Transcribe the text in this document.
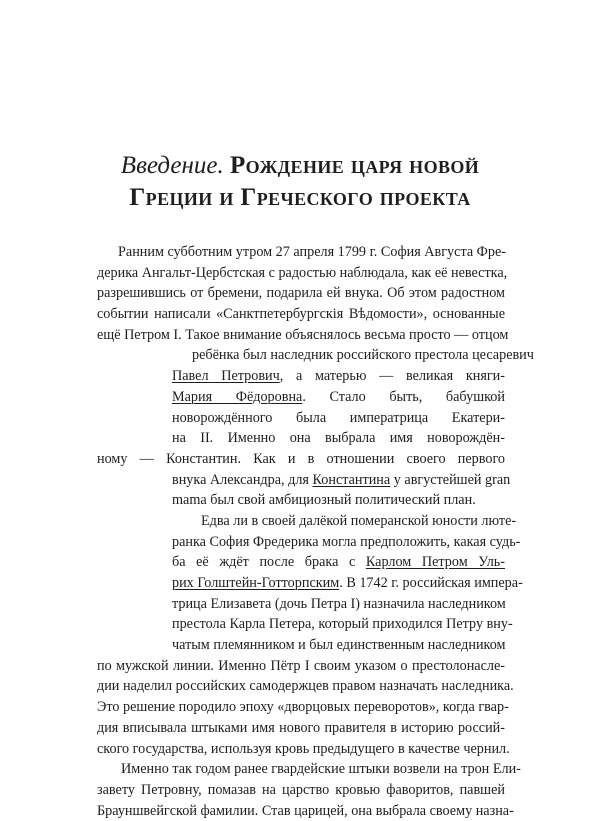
Введение. Рождение царя новой
Греции и Греческого проекта
Ранним субботним утром 27 апреля 1799 г. София Августа Фре-
дерика Ангальт-Цербстская с радостью наблюдала, как её невестка,
разрешившись от бремени, подарила ей внука. Об этом радостном
событии написали «Санктпетербургскiя Вѣдомости», основанные
ещё Петром I. Такое внимание объяснялось весьма просто — отцом
ребёнка был наследник российского престола цесаревич
Павел Петрович, а матерью — великая княги-
Мария Фёдоровна. Стало быть, бабушкой
новорождённого была императрица Екатери-
на II. Именно она выбрала имя новорождён-
ному — Константин. Как и в отношении своего первого
внука Александра, для Константина у августейшей gran
mama был свой амбициозный политический план.
Едва ли в своей далёкой померанской юности люте-
ранка София Фредерика могла предположить, какая судь-
ба её ждёт после брака с Карлом Петром Уль-
рих Голштейн-Готторпским. В 1742 г. российская импера-
трица Елизавета (дочь Петра I) назначила наследником
престола Карла Петера, который приходился Петру вну-
чатым племянником и был единственным наследником
по мужской линии. Именно Пётр I своим указом о престолонасле-
дии наделил российских самодержцев правом назначать наследника.
Это решение породило эпоху «дворцовых переворотов», когда гвар-
дия вписывала штыками имя нового правителя в историю россий-
ского государства, используя кровь предыдущего в качестве чернил.
Именно так годом ранее гвардейские штыки возвели на трон Ели-
завету Петровну, помазав на царство кровью фаворитов, павшей
Брауншвейгской фамилии. Став царицей, она выбрала своему назна-
